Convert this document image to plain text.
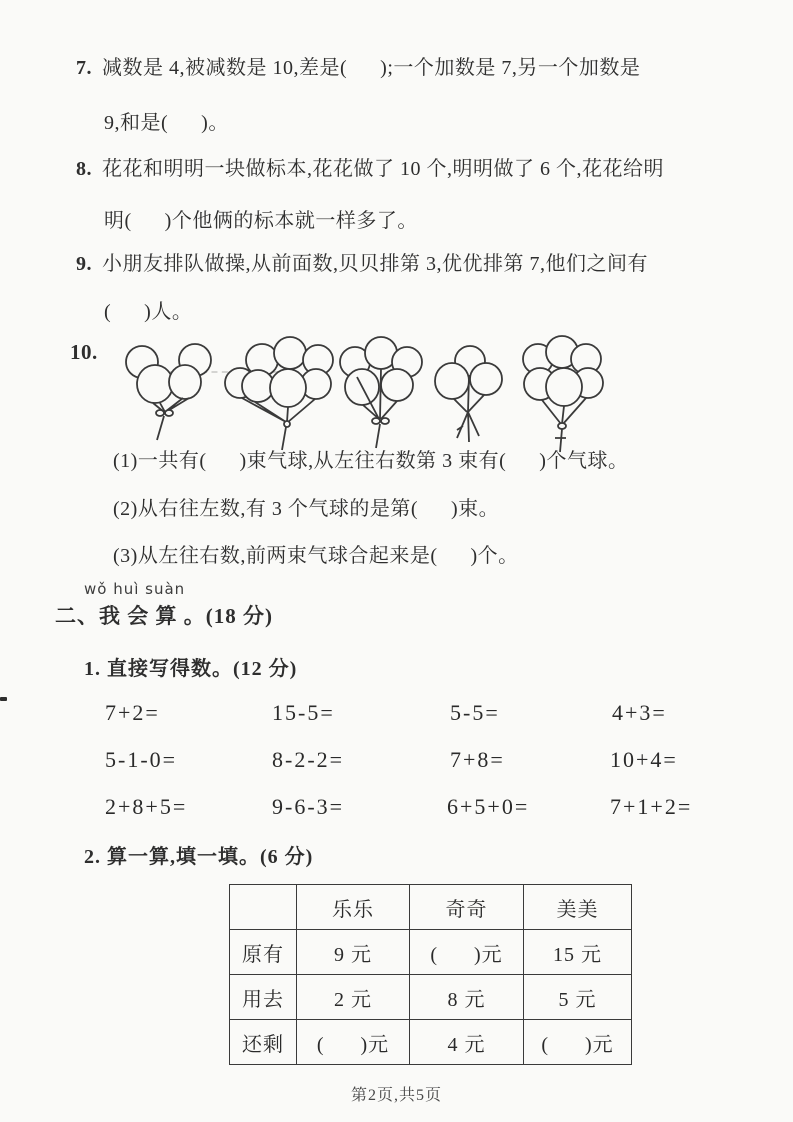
7. 减数是 4,被减数是 10,差是(      );一个加数是 7,另一个加数是
9,和是(      )。
8. 花花和明明一块做标本,花花做了 10 个,明明做了 6 个,花花给明
明(      )个他俩的标本就一样多了。
9. 小朋友排队做操,从前面数,贝贝排第 3,优优排第 7,他们之间有
(      )人。
10.
(1)一共有(      )束气球,从左往右数第 3 束有(      )个气球。
(2)从右往左数,有 3 个气球的是第(      )束。
(3)从左往右数,前两束气球合起来是(      )个。
wǒ huì suàn
二、我 会 算 。(18 分)
1. 直接写得数。(12 分)
7+2=	15-5=	5-5=	4+3=
5-1-0=	8-2-2=	7+8=	10+4=
2+8+5=	9-6-3=	6+5+0=	7+1+2=
2. 算一算,填一填。(6 分)
	乐乐	奇奇	美美
原有	9 元	(      )元	15 元
用去	2 元	8 元	5 元
还剩	(      )元	4 元	(      )元
第2页,共5页
